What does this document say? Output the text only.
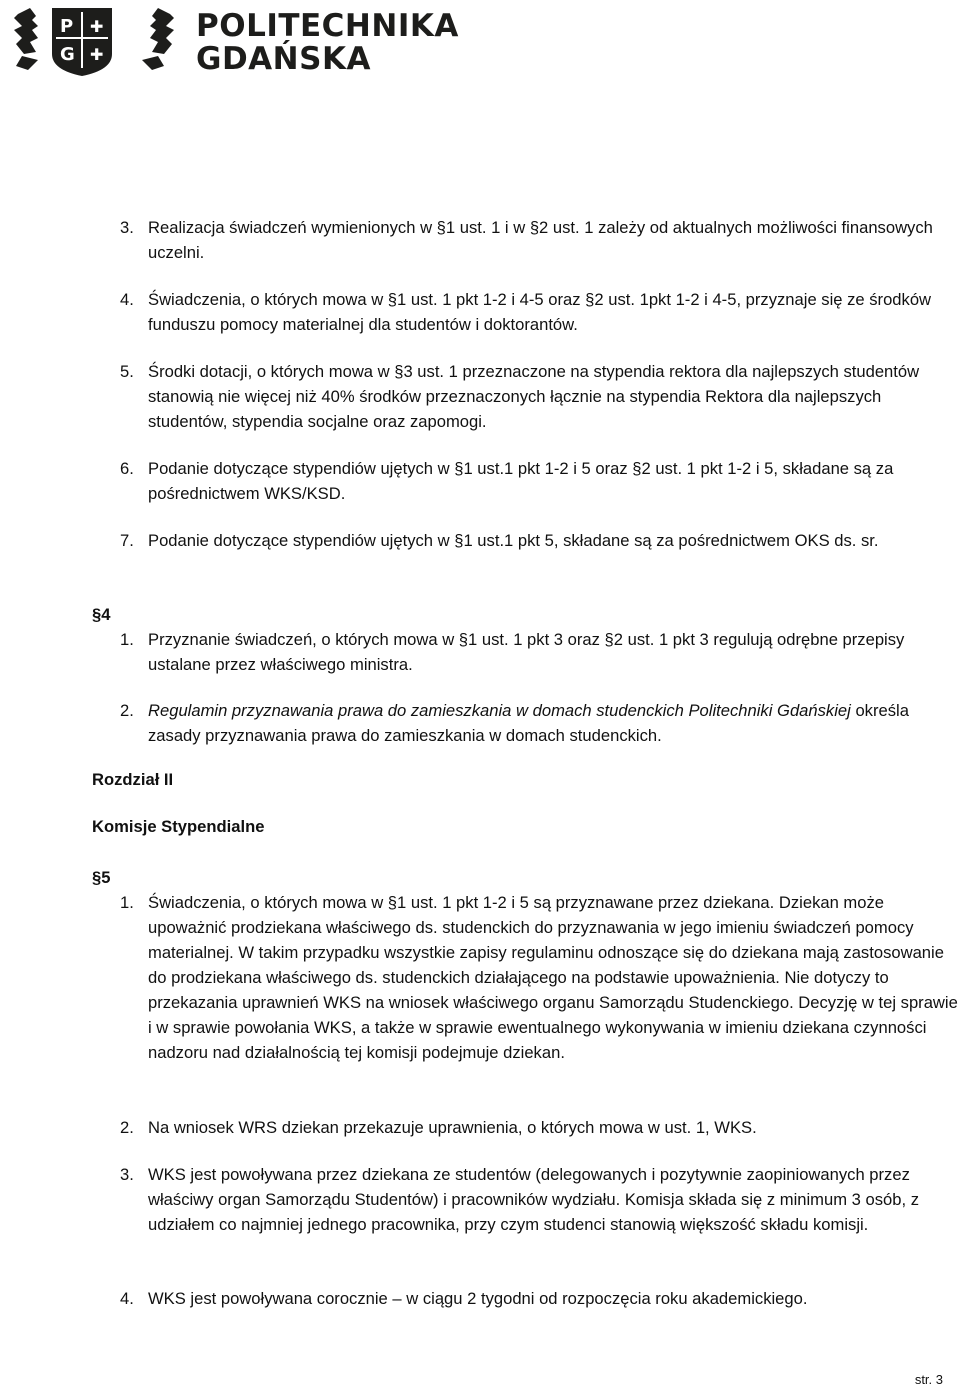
P
G
✚
✚
POLITECHNIKA
GDAŃSKA
3. Realizacja świadczeń wymienionych w §1 ust. 1 i w §2 ust. 1 zależy od aktualnych możliwości finansowych uczelni.

4. Świadczenia, o których mowa w §1 ust. 1 pkt 1-2 i 4-5 oraz §2 ust. 1pkt 1-2 i 4-5, przyznaje się ze środków funduszu pomocy materialnej dla studentów i doktorantów.

5. Środki dotacji, o których mowa w §3 ust. 1 przeznaczone na stypendia rektora dla najlepszych studentów stanowią nie więcej niż 40% środków przeznaczonych łącznie na stypendia Rektora dla najlepszych studentów, stypendia socjalne oraz zapomogi.

6. Podanie dotyczące stypendiów ujętych w §1 ust.1 pkt 1-2 i 5 oraz §2 ust. 1 pkt 1-2 i 5, składane są za pośrednictwem WKS/KSD.

7. Podanie dotyczące stypendiów ujętych w §1 ust.1 pkt 5, składane są za pośrednictwem OKS ds. sr.

§4
1. Przyznanie świadczeń, o których mowa w §1 ust. 1 pkt 3 oraz §2 ust. 1 pkt 3 regulują odrębne przepisy ustalane przez właściwego ministra.

2. Regulamin przyznawania prawa do zamieszkania w domach studenckich Politechniki Gdańskiej określa zasady przyznawania prawa do zamieszkania w domach studenckich.

Rozdział II
Komisje Stypendialne
§5
1. Świadczenia, o których mowa w §1 ust. 1 pkt 1-2 i 5 są przyznawane przez dziekana. Dziekan może upoważnić prodziekana właściwego ds. studenckich do przyznawania w jego imieniu świadczeń pomocy materialnej. W takim przypadku wszystkie zapisy regulaminu odnoszące się do dziekana mają zastosowanie do prodziekana właściwego ds. studenckich działającego na podstawie upoważnienia. Nie dotyczy to przekazania uprawnień WKS na wniosek właściwego organu Samorządu Studenckiego. Decyzję w tej sprawie i w sprawie powołania WKS, a także w sprawie ewentualnego wykonywania w imieniu dziekana czynności nadzoru nad działalnością tej komisji podejmuje dziekan.

2. Na wniosek WRS dziekan przekazuje uprawnienia, o których mowa w ust. 1, WKS.

3. WKS jest powoływana przez dziekana ze studentów (delegowanych i pozytywnie zaopiniowanych przez właściwy organ Samorządu Studentów) i pracowników wydziału. Komisja składa się z minimum 3 osób, z udziałem co najmniej jednego pracownika, przy czym studenci stanowią większość składu komisji.

4. WKS jest powoływana corocznie – w ciągu 2 tygodni od rozpoczęcia roku akademickiego.

str. 3
